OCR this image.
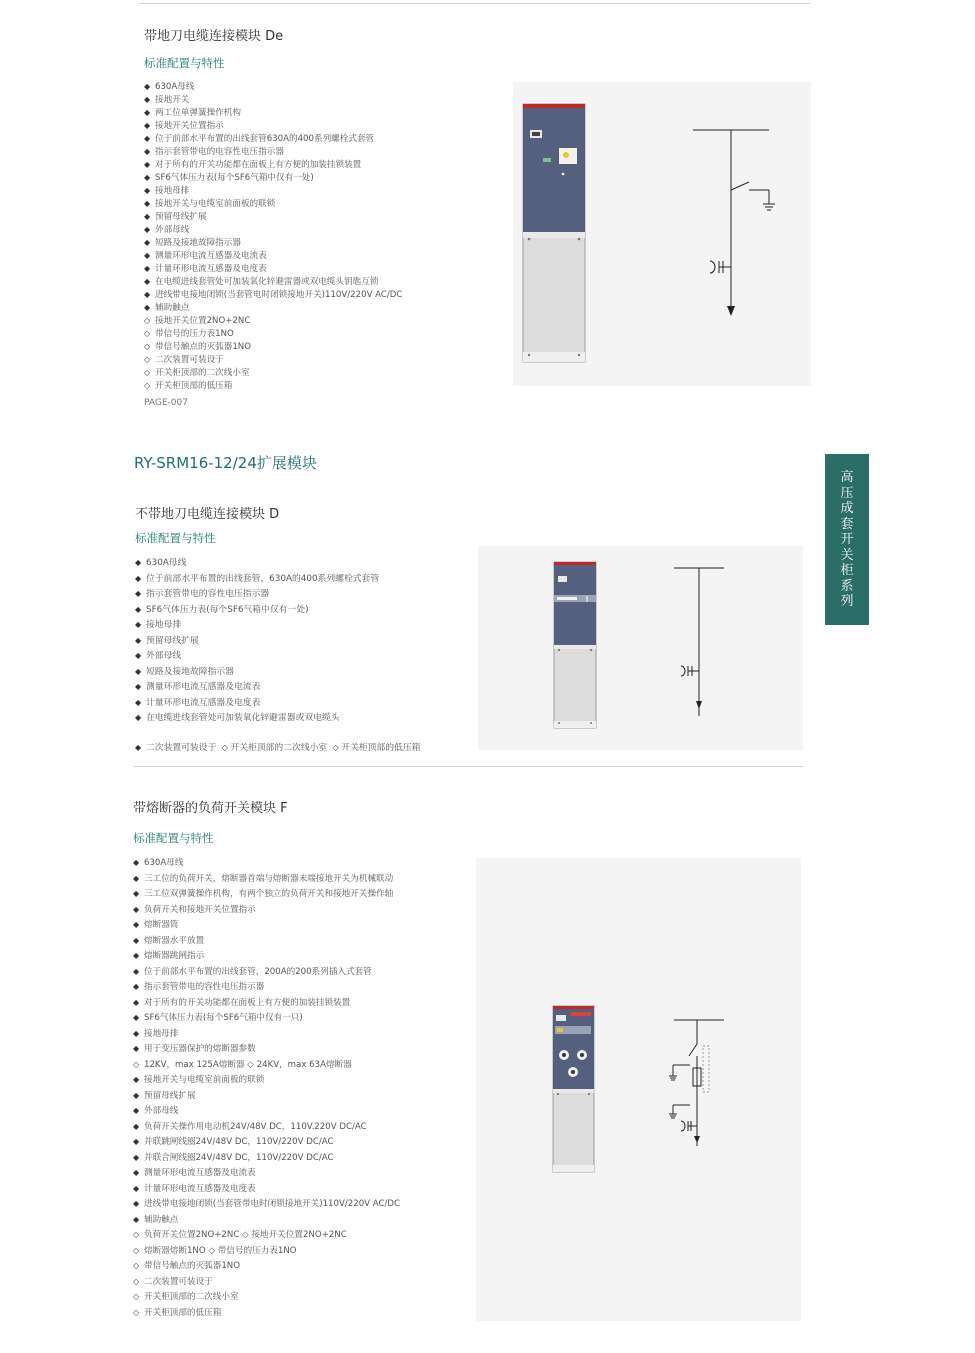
带地刀电缆连接模块 De
标准配置与特性
◆ 630A母线
◆ 接地开关
◆ 两工位单弹簧操作机构
◆ 接地开关位置指示
◆ 位于前部水平布置的出线套管630A的400系列螺栓式套管
◆ 指示套管带电的电容性电压指示器
◆ 对于所有的开关功能都在面板上有方便的加装挂锁装置
◆ SF6气体压力表(每个SF6气箱中仅有一处)
◆ 接地母排
◆ 接地开关与电缆室前面板的联锁
◆ 预留母线扩展
◆ 外部母线
◆ 短路及接地故障指示器
◆ 测量环形电流互感器及电流表
◆ 计量环形电流互感器及电度表
◆ 在电缆进线套管处可加装氧化锌避雷器或双电缆头钥匙互锁
◆ 进线带电接地闭锁(当套管电时闭锁接地开关)110V/220V AC/DC
◆ 辅助触点
◇ 接地开关位置2NO+2NC
◇ 带信号的压力表1NO
◇ 带信号触点的灭弧器1NO
◇ 二次装置可装设于
◇ 开关柜顶部的二次线小室
◇ 开关柜顶部的低压箱
PAGE-007
RY-SRM16-12/24扩展模块
高
压
成
套
开
关
柜
系
列
不带地刀电缆连接模块 D
标准配置与特性
◆ 630A母线
◆ 位于前部水平布置的出线套管，630A的400系列螺栓式套管
◆ 指示套管带电的容性电压指示器
◆ SF6气体压力表(每个SF6气箱中仅有一处)
◆ 接地母排
◆ 预留母线扩展
◆ 外部母线
◆ 短路及接地故障指示器
◆ 测量环形电流互感器及电流表
◆ 计量环形电流互感器及电度表
◆ 在电缆进线套管处可加装氧化锌避雷器或双电缆头
◆ 二次装置可装设于  ◇ 开关柜顶部的二次线小室  ◇ 开关柜顶部的低压箱
带熔断器的负荷开关模块 F
标准配置与特性
◆ 630A母线
◆ 三工位的负荷开关，熔断器首端与熔断器末端接地开关为机械联动
◆ 三工位双弹簧操作机构，有两个独立的负荷开关和接地开关操作轴
◆ 负荷开关和接地开关位置指示
◆ 熔断器筒
◆ 熔断器水平放置
◆ 熔断器跳闸指示
◆ 位于前部水平布置的出线套管，200A的200系列插入式套管
◆ 指示套管带电的容性电压指示器
◆ 对于所有的开关功能都在面板上有方便的加装挂锁装置
◆ SF6气体压力表(每个SF6气箱中仅有一只)
◆ 接地母排
◆ 用于变压器保护的熔断器参数
◇ 12KV，max 125A熔断器 ◇ 24KV，max 63A熔断器
◆ 接地开关与电缆室前面板的联锁
◆ 预留母线扩展
◆ 外部母线
◆ 负荷开关操作用电动机24V/48V DC，110V.220V DC/AC
◆ 并联跳闸线圈24V/48V DC，110V/220V DC/AC
◆ 并联合闸线圈24V/48V DC，110V/220V DC/AC
◆ 测量环形电流互感器及电流表
◆ 计量环形电流互感器及电度表
◆ 进线带电接地闭锁(当套管带电时闭锁接地开关)110V/220V AC/DC
◆ 辅助触点
◇ 负荷开关位置2NO+2NC ◇ 接地开关位置2NO+2NC
◇ 熔断器熔断1NO ◇ 带信号的压力表1NO
◇ 带信号触点的灭弧器1NO
◇ 二次装置可装设于
◇ 开关柜顶部的二次线小室
◇ 开关柜顶部的低压箱
